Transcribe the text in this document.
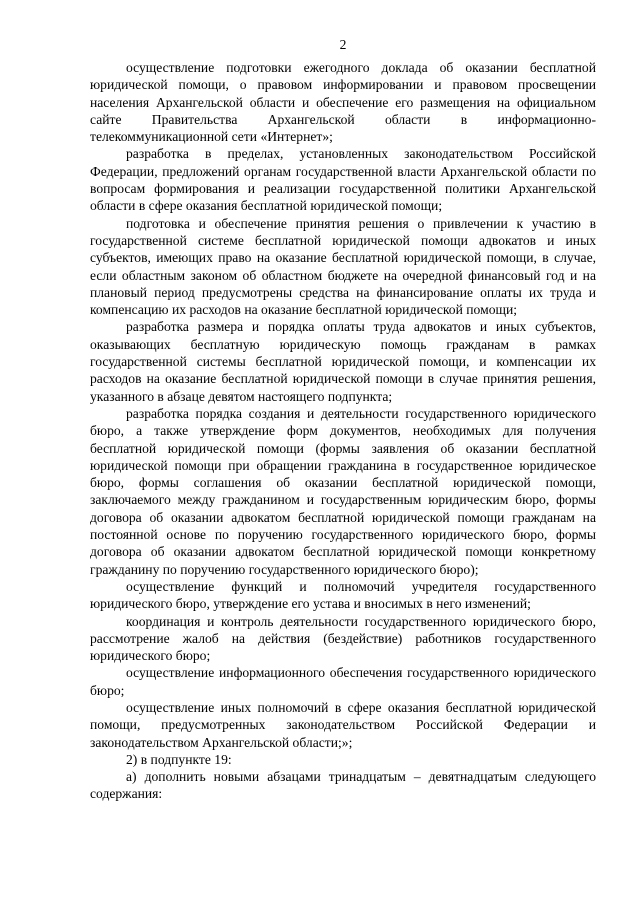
2

осуществление подготовки ежегодного доклада об оказании бесплатной юридической помощи, о правовом информировании и правовом просвещении населения Архангельской области и обеспечение его размещения на официальном сайте Правительства Архангельской области в информационно-телекоммуникационной сети «Интернет»;

разработка в пределах, установленных законодательством Российской Федерации, предложений органам государственной власти Архангельской области по вопросам формирования и реализации государственной политики Архангельской области в сфере оказания бесплатной юридической помощи;

подготовка и обеспечение принятия решения о привлечении к участию в государственной системе бесплатной юридической помощи адвокатов и иных субъектов, имеющих право на оказание бесплатной юридической помощи, в случае, если областным законом об областном бюджете на очередной финансовый год и на плановый период предусмотрены средства на финансирование оплаты их труда и компенсацию их расходов на оказание бесплатной юридической помощи;

разработка размера и порядка оплаты труда адвокатов и иных субъектов, оказывающих бесплатную юридическую помощь гражданам в рамках государственной системы бесплатной юридической помощи, и компенсации их расходов на оказание бесплатной юридической помощи в случае принятия решения, указанного в абзаце девятом настоящего подпункта;

разработка порядка создания и деятельности государственного юридического бюро, а также утверждение форм документов, необходимых для получения бесплатной юридической помощи (формы заявления об оказании бесплатной юридической помощи при обращении гражданина в государственное юридическое бюро, формы соглашения об оказании бесплатной юридической помощи, заключаемого между гражданином и государственным юридическим бюро, формы договора об оказании адвокатом бесплатной юридической помощи гражданам на постоянной основе по поручению государственного юридического бюро, формы договора об оказании адвокатом бесплатной юридической помощи конкретному гражданину по поручению государственного юридического бюро);

осуществление функций и полномочий учредителя государственного юридического бюро, утверждение его устава и вносимых в него изменений;

координация и контроль деятельности государственного юридического бюро, рассмотрение жалоб на действия (бездействие) работников государственного юридического бюро;

осуществление информационного обеспечения государственного юридического бюро;

осуществление иных полномочий в сфере оказания бесплатной юридической помощи, предусмотренных законодательством Российской Федерации и законодательством Архангельской области;»;

2) в подпункте 19:

а) дополнить новыми абзацами тринадцатым – девятнадцатым следующего содержания:
